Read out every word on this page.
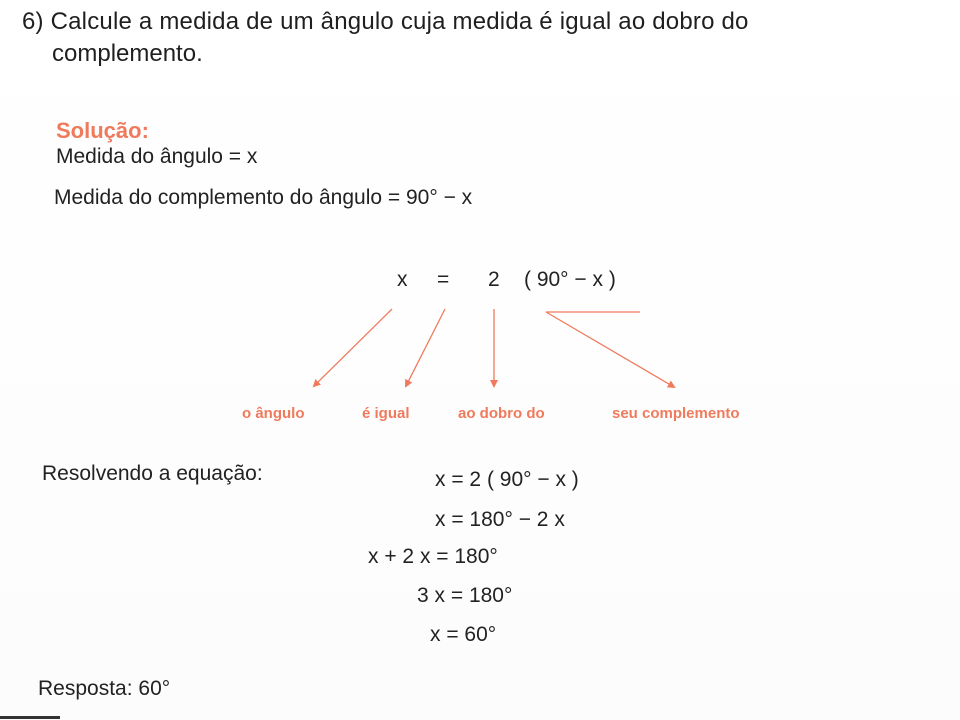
6) Calcule a medida de um ângulo cuja medida é igual ao dobro do
complemento.
Solução:
Medida do ângulo = x
Medida do complemento do ângulo = 90° − x
x = 2 ( 90° − x )
o ângulo	é igual	ao dobro do	seu complemento
Resolvendo a equação:	x = 2 ( 90° − x )
x = 180° − 2 x
x + 2 x = 180°
3 x = 180°
x = 60°
Resposta: 60°
